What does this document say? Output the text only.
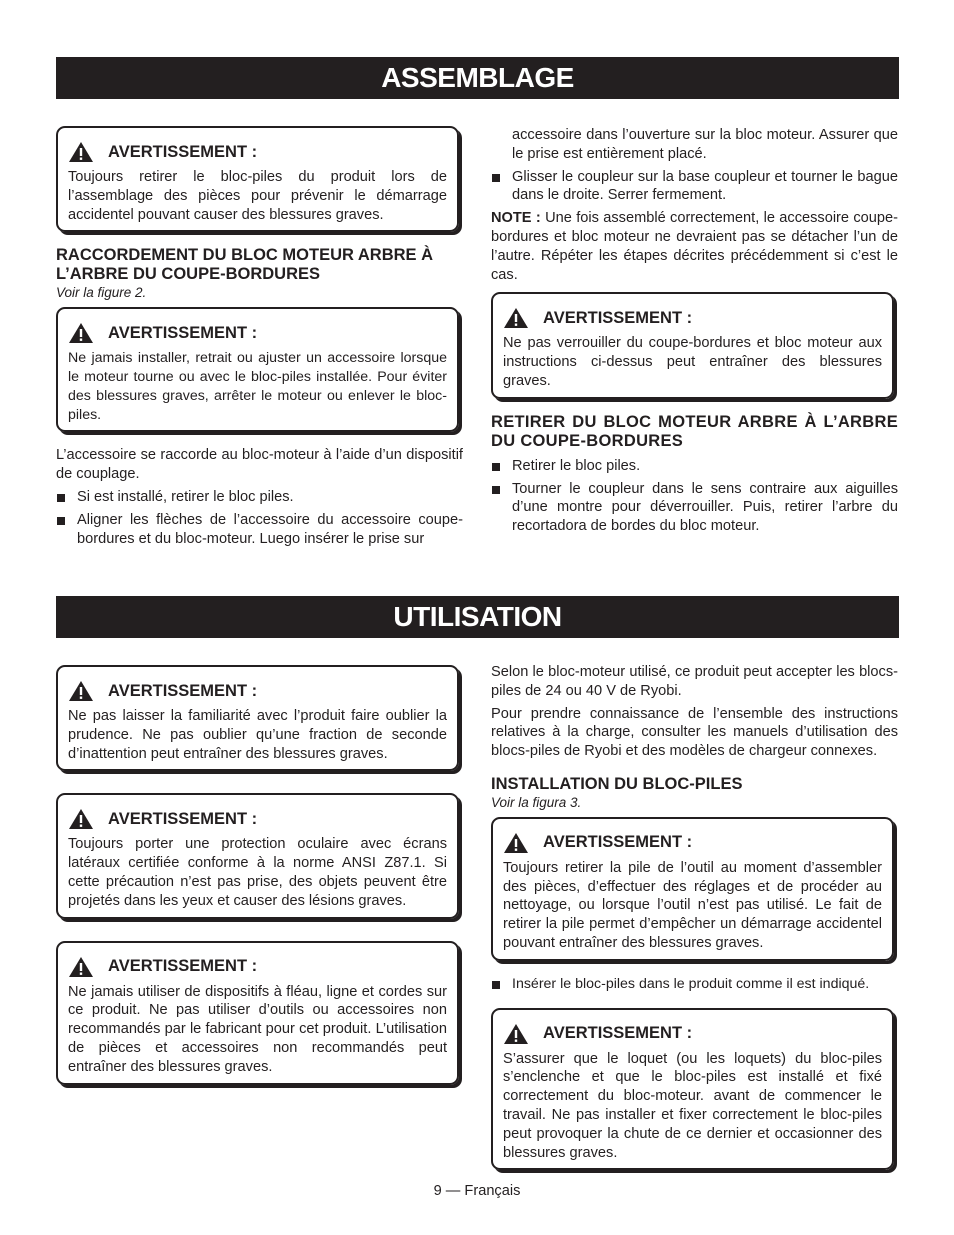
ASSEMBLAGE
AVERTISSEMENT :
Toujours retirer le bloc-piles du produit lors de l’assemblage des pièces pour prévenir le démarrage accidentel pouvant causer des blessures graves.
RACCORDEMENT DU BLOC MOTEUR ARBRE À L’ARBRE DU COUPE-BORDURES

Voir la figure 2.

AVERTISSEMENT :
Ne jamais installer, retrait ou ajuster un accessoire lorsque le moteur tourne ou avec le bloc-piles installée. Pour éviter des blessures graves, arrêter le moteur ou enlever le bloc-piles.

L’accessoire se raccorde au bloc-moteur à l’aide d’un dispositif de couplage.

Si est installé, retirer le bloc piles.
Aligner les flèches de l’accessoire du accessoire coupe-bordures et du bloc-moteur. Luego insérer le prise sur

accessoire dans l’ouverture sur la bloc moteur. Assurer que le prise est entièrement placé.

Glisser le coupleur sur la base coupleur et tourner le bague dans le droite. Serrer fermement.

NOTE : Une fois assemblé correctement, le accessoire coupe-bordures et bloc moteur ne devraient pas se détacher l’un de l’autre. Répéter les étapes décrites précédemment si c’est le cas.

AVERTISSEMENT :
Ne pas verrouiller du coupe-bordures et bloc moteur aux instructions ci-dessus peut entraîner des blessures graves.
RETIRER DU BLOC MOTEUR ARBRE À L’ARBRE DU COUPE-BORDURES
Retirer le bloc piles.
Tourner le coupleur dans le sens contraire aux aiguilles d’une montre pour déverrouiller. Puis, retirer l’arbre du recortadora de bordes du bloc moteur.
UTILISATION
AVERTISSEMENT :
Ne pas laisser la familiarité avec l’produit faire oublier la prudence. Ne pas oublier qu’une fraction de seconde d’inattention peut entraîner des blessures graves.
AVERTISSEMENT :
Toujours porter une protection oculaire avec écrans latéraux certifiée conforme à la norme ANSI Z87.1. Si cette précaution n’est pas prise, des objets peuvent être projetés dans les yeux et causer des lésions graves.
AVERTISSEMENT :
Ne jamais utiliser de dispositifs à fléau, ligne et cordes sur ce produit. Ne pas utiliser d’outils ou accessoires non recommandés par le fabricant pour cet produit. L’utilisation de pièces et accessoires non recommandés peut entraîner des blessures graves.

Selon le bloc-moteur utilisé, ce produit peut accepter les blocs-piles de 24 ou 40 V de Ryobi.

Pour prendre connaissance de l’ensemble des instructions relatives à la charge, consulter les manuels d’utilisation des blocs-piles de Ryobi et des modèles de chargeur connexes.

INSTALLATION DU BLOC-PILES

Voir la figura 3.

AVERTISSEMENT :
Toujours retirer la pile de l’outil au moment d’assembler des pièces, d’effectuer des réglages et de procéder au nettoyage, ou lorsque l’outil n’est pas utilisé. Le fait de retirer la pile permet d’empêcher un démarrage accidentel pouvant entraîner des blessures graves.
Insérer le bloc-piles dans le produit comme il est indiqué.
AVERTISSEMENT :
S’assurer que le loquet (ou les loquets) du bloc-piles s’enclenche et que le bloc-piles est installé et fixé correctement du bloc-moteur. avant de commencer le travail. Ne pas installer et fixer correctement le bloc-piles peut provoquer la chute de ce dernier et occasionner des blessures graves.
9 — Français
